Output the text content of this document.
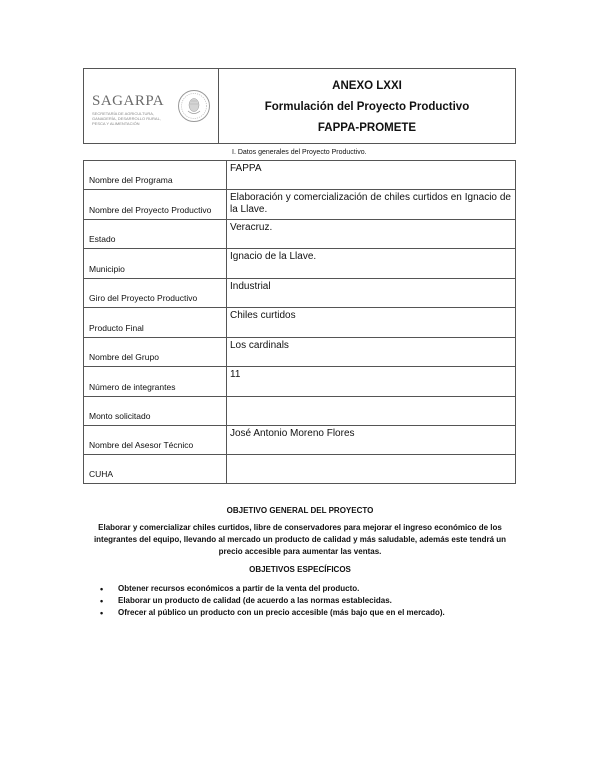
SAGARPA
SECRETARÍA DE AGRICULTURA, GANADERÍA, DESARROLLO RURAL, PESCA Y ALIMENTACIÓN
ANEXO LXXI
Formulación del Proyecto Productivo
FAPPA-PROMETE
I. Datos generales del Proyecto Productivo.
Nombre del Programa	FAPPA
Nombre del Proyecto Productivo	Elaboración y comercialización de chiles curtidos en Ignacio de la Llave.
Estado	Veracruz.
Municipio	Ignacio de la Llave.
Giro del Proyecto Productivo	Industrial
Producto Final	Chiles curtidos
Nombre del Grupo	Los cardinals
Número de integrantes	11
Monto solicitado	
Nombre del Asesor Técnico	José Antonio Moreno Flores
CUHA	
OBJETIVO GENERAL DEL PROYECTO
Elaborar y comercializar chiles curtidos, libre de conservadores para mejorar el ingreso económico de los integrantes del equipo, llevando al mercado un producto de calidad y más saludable, además este tendrá un precio accesible para aumentar las ventas.
OBJETIVOS ESPECÍFICOS
• Obtener recursos económicos a partir de la venta del producto.
• Elaborar un producto de calidad (de acuerdo a las normas establecidas.
• Ofrecer al público un producto con un precio accesible (más bajo que en el mercado).
